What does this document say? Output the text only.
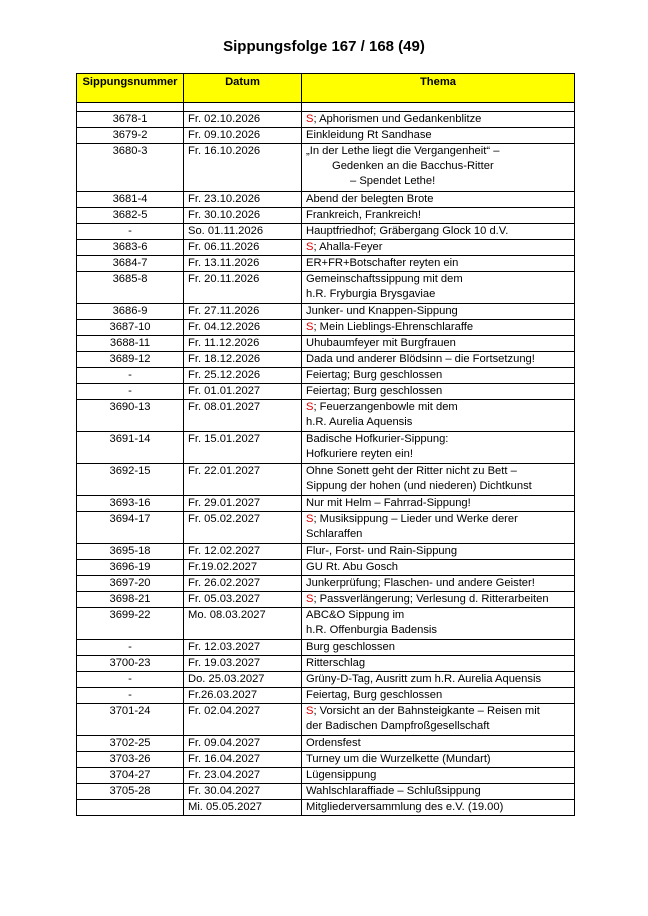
Sippungsfolge 167 / 168 (49)
Sippungsnummer	Datum	Thema

3678-1	Fr. 02.10.2026	S; Aphorismen und Gedankenblitze

3679-2	Fr. 09.10.2026	Einkleidung Rt Sandhase

3680-3	Fr. 16.10.2026	„In der Lethe liegt die Vergangenheit“ –
Gedenken an die Bacchus-Ritter
– Spendet Lethe!

3681-4	Fr. 23.10.2026	Abend der belegten Brote

3682-5	Fr. 30.10.2026	Frankreich, Frankreich!

-	So. 01.11.2026	Hauptfriedhof; Gräbergang Glock 10 d.V.

3683-6	Fr. 06.11.2026	S; Ahalla-Feyer

3684-7	Fr. 13.11.2026	ER+FR+Botschafter reyten ein

3685-8	Fr. 20.11.2026	Gemeinschaftssippung mit dem
h.R. Fryburgia Brysgaviae

3686-9	Fr. 27.11.2026	Junker- und Knappen-Sippung

3687-10	Fr. 04.12.2026	S; Mein Lieblings-Ehrenschlaraffe

3688-11	Fr. 11.12.2026	Uhubaumfeyer mit Burgfrauen

3689-12	Fr. 18.12.2026	Dada und anderer Blödsinn – die Fortsetzung!

-	Fr. 25.12.2026	Feiertag; Burg geschlossen

-	Fr. 01.01.2027	Feiertag; Burg geschlossen

3690-13	Fr. 08.01.2027	S; Feuerzangenbowle mit dem
h.R. Aurelia Aquensis

3691-14	Fr. 15.01.2027	Badische Hofkurier-Sippung:
Hofkuriere reyten ein!

3692-15	Fr. 22.01.2027	Ohne Sonett geht der Ritter nicht zu Bett –
Sippung der hohen (und niederen) Dichtkunst

3693-16	Fr. 29.01.2027	Nur mit Helm – Fahrrad-Sippung!

3694-17	Fr. 05.02.2027	S; Musiksippung – Lieder und Werke derer
Schlaraffen

3695-18	Fr. 12.02.2027	Flur-, Forst- und Rain-Sippung

3696-19	Fr.19.02.2027	GU Rt. Abu Gosch

3697-20	Fr. 26.02.2027	Junkerprüfung; Flaschen- und andere Geister!

3698-21	Fr. 05.03.2027	S; Passverlängerung; Verlesung d. Ritterarbeiten

3699-22	Mo. 08.03.2027	ABC&O Sippung im
h.R. Offenburgia Badensis

-	Fr. 12.03.2027	Burg geschlossen

3700-23	Fr. 19.03.2027	Ritterschlag

-	Do. 25.03.2027	Grüny-D-Tag, Ausritt zum h.R. Aurelia Aquensis

-	Fr.26.03.2027	Feiertag, Burg geschlossen

3701-24	Fr. 02.04.2027	S; Vorsicht an der Bahnsteigkante – Reisen mit
der Badischen Dampfroßgesellschaft

3702-25	Fr. 09.04.2027	Ordensfest

3703-26	Fr. 16.04.2027	Turney um die Wurzelkette (Mundart)

3704-27	Fr. 23.04.2027	Lügensippung

3705-28	Fr. 30.04.2027	Wahlschlaraffiade – Schlußsippung

	Mi. 05.05.2027	Mitgliederversammlung des e.V. (19.00)
